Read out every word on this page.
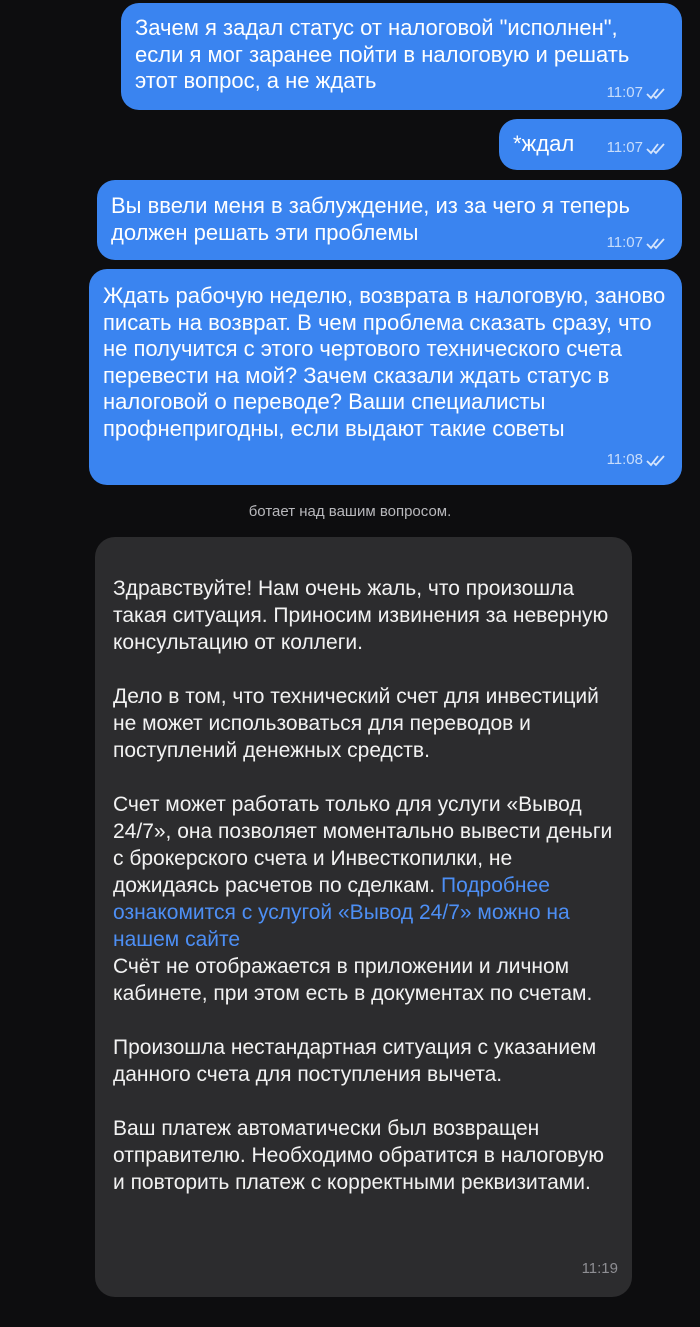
Зачем я задал статус от налоговой "исполнен", если я мог заранее пойти в налоговую и решать этот вопрос, а не ждать	11:07
*ждал	11:07
Вы ввели меня в заблуждение, из за чего я теперь должен решать эти проблемы	11:07
Ждать рабочую неделю, возврата в налоговую, заново писать на возврат. В чем проблема сказать сразу, что не получится с этого чертового технического счета перевести на мой? Зачем сказали ждать статус в налоговой о переводе? Ваши специалисты профнепригодны, если выдают такие советы
11:08
ботает над вашим вопросом.

Здравствуйте! Нам очень жаль, что произошла такая ситуация. Приносим извинения за неверную консультацию от коллеги.

Дело в том, что технический счет для инвестиций не может использоваться для переводов и поступлений денежных средств.

Счет может работать только для услуги «Вывод 24/7», она позволяет моментально вывести деньги с брокерского счета и Инвесткопилки, не дожидаясь расчетов по сделкам. Подробнее ознакомится с услугой «Вывод 24/7» можно на нашем сайте
Счёт не отображается в приложении и личном кабинете, при этом есть в документах по счетам.

Произошла нестандартная ситуация с указанием данного счета для поступления вычета.

Ваш платеж автоматически был возвращен отправителю. Необходимо обратится в налоговую и повторить платеж с корректными реквизитами.

11:19
